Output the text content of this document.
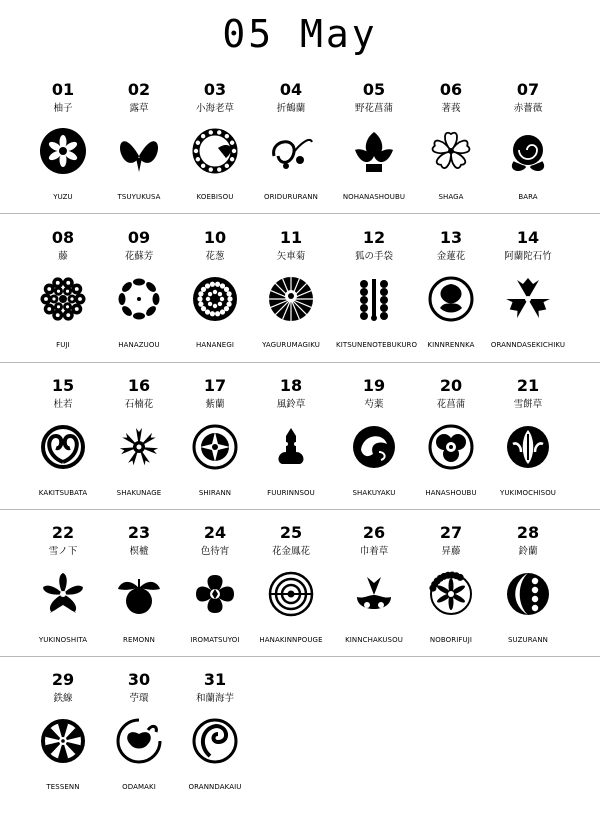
05 May
01
柚子
YUZU
02
露草
TSUYUKUSA
03
小海老草
KOEBISOU
04
折鶴蘭
ORIDURURANN
05
野花菖蒲
NOHANASHOUBU
06
著莪
SHAGA
07
赤薔薇
BARA
08
藤
FUJI
09
花蘇芳
HANAZUOU
10
花葱
HANANEGI
11
矢車菊
YAGURUMAGIKU
12
狐の手袋
KITSUNENOTEBUKURO
13
金蓮花
KINNRENNKA
14
阿蘭陀石竹
ORANNDASEKICHIKU
15
杜若
KAKITSUBATA
16
石楠花
SHAKUNAGE
17
紫蘭
SHIRANN
18
風鈴草
FUURINNSOU
19
芍薬
SHAKUYAKU
20
花菖蒲
HANASHOUBU
21
雪餅草
YUKIMOCHISOU
22
雪ノ下
YUKINOSHITA
23
榠樝
REMONN
24
色待宵
IROMATSUYOI
25
花金鳳花
HANAKINNPOUGE
26
巾着草
KINNCHAKUSOU
27
昇藤
NOBORIFUJI
28
鈴蘭
SUZURANN
29
鉄線
TESSENN
30
苧環
ODAMAKI
31
和蘭海芋
ORANNDAKAIU
